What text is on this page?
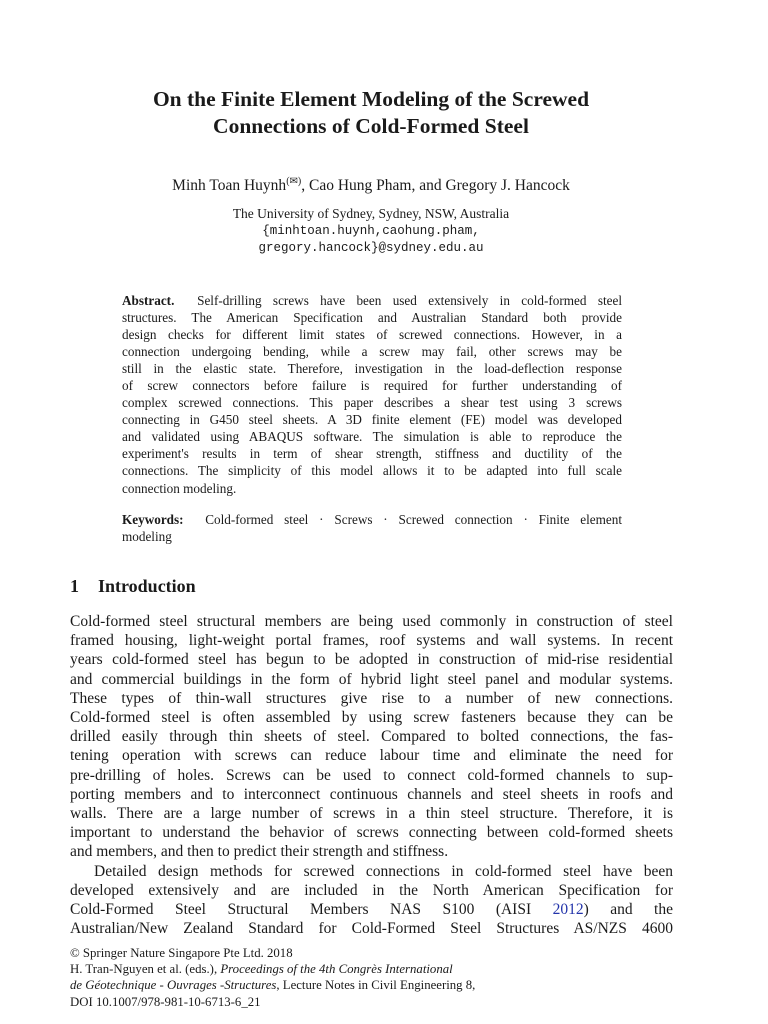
On the Finite Element Modeling of the Screwed
Connections of Cold-Formed Steel
Minh Toan Huynh(✉), Cao Hung Pham, and Gregory J. Hancock
The University of Sydney, Sydney, NSW, Australia
{minhtoan.huynh,caohung.pham,
gregory.hancock}@sydney.edu.au
Abstract. Self-drilling screws have been used extensively in cold-formed steel
structures. The American Specification and Australian Standard both provide
design checks for different limit states of screwed connections. However, in a
connection undergoing bending, while a screw may fail, other screws may be
still in the elastic state. Therefore, investigation in the load-deflection response
of screw connectors before failure is required for further understanding of
complex screwed connections. This paper describes a shear test using 3 screws
connecting in G450 steel sheets. A 3D finite element (FE) model was developed
and validated using ABAQUS software. The simulation is able to reproduce the
experiment's results in term of shear strength, stiffness and ductility of the
connections. The simplicity of this model allows it to be adapted into full scale
connection modeling.
Keywords: Cold-formed steel · Screws · Screwed connection · Finite element
modeling
1 Introduction
Cold-formed steel structural members are being used commonly in construction of steel
framed housing, light-weight portal frames, roof systems and wall systems. In recent
years cold-formed steel has begun to be adopted in construction of mid-rise residential
and commercial buildings in the form of hybrid light steel panel and modular systems.
These types of thin-wall structures give rise to a number of new connections.
Cold-formed steel is often assembled by using screw fasteners because they can be
drilled easily through thin sheets of steel. Compared to bolted connections, the fas-
tening operation with screws can reduce labour time and eliminate the need for
pre-drilling of holes. Screws can be used to connect cold-formed channels to sup-
porting members and to interconnect continuous channels and steel sheets in roofs and
walls. There are a large number of screws in a thin steel structure. Therefore, it is
important to understand the behavior of screws connecting between cold-formed sheets
and members, and then to predict their strength and stiffness.
Detailed design methods for screwed connections in cold-formed steel have been
developed extensively and are included in the North American Specification for
Cold-Formed Steel Structural Members NAS S100 (AISI 2012) and the
Australian/New Zealand Standard for Cold-Formed Steel Structures AS/NZS 4600
© Springer Nature Singapore Pte Ltd. 2018
H. Tran-Nguyen et al. (eds.), Proceedings of the 4th Congrès International
de Géotechnique - Ouvrages -Structures, Lecture Notes in Civil Engineering 8,
DOI 10.1007/978-981-10-6713-6_21
